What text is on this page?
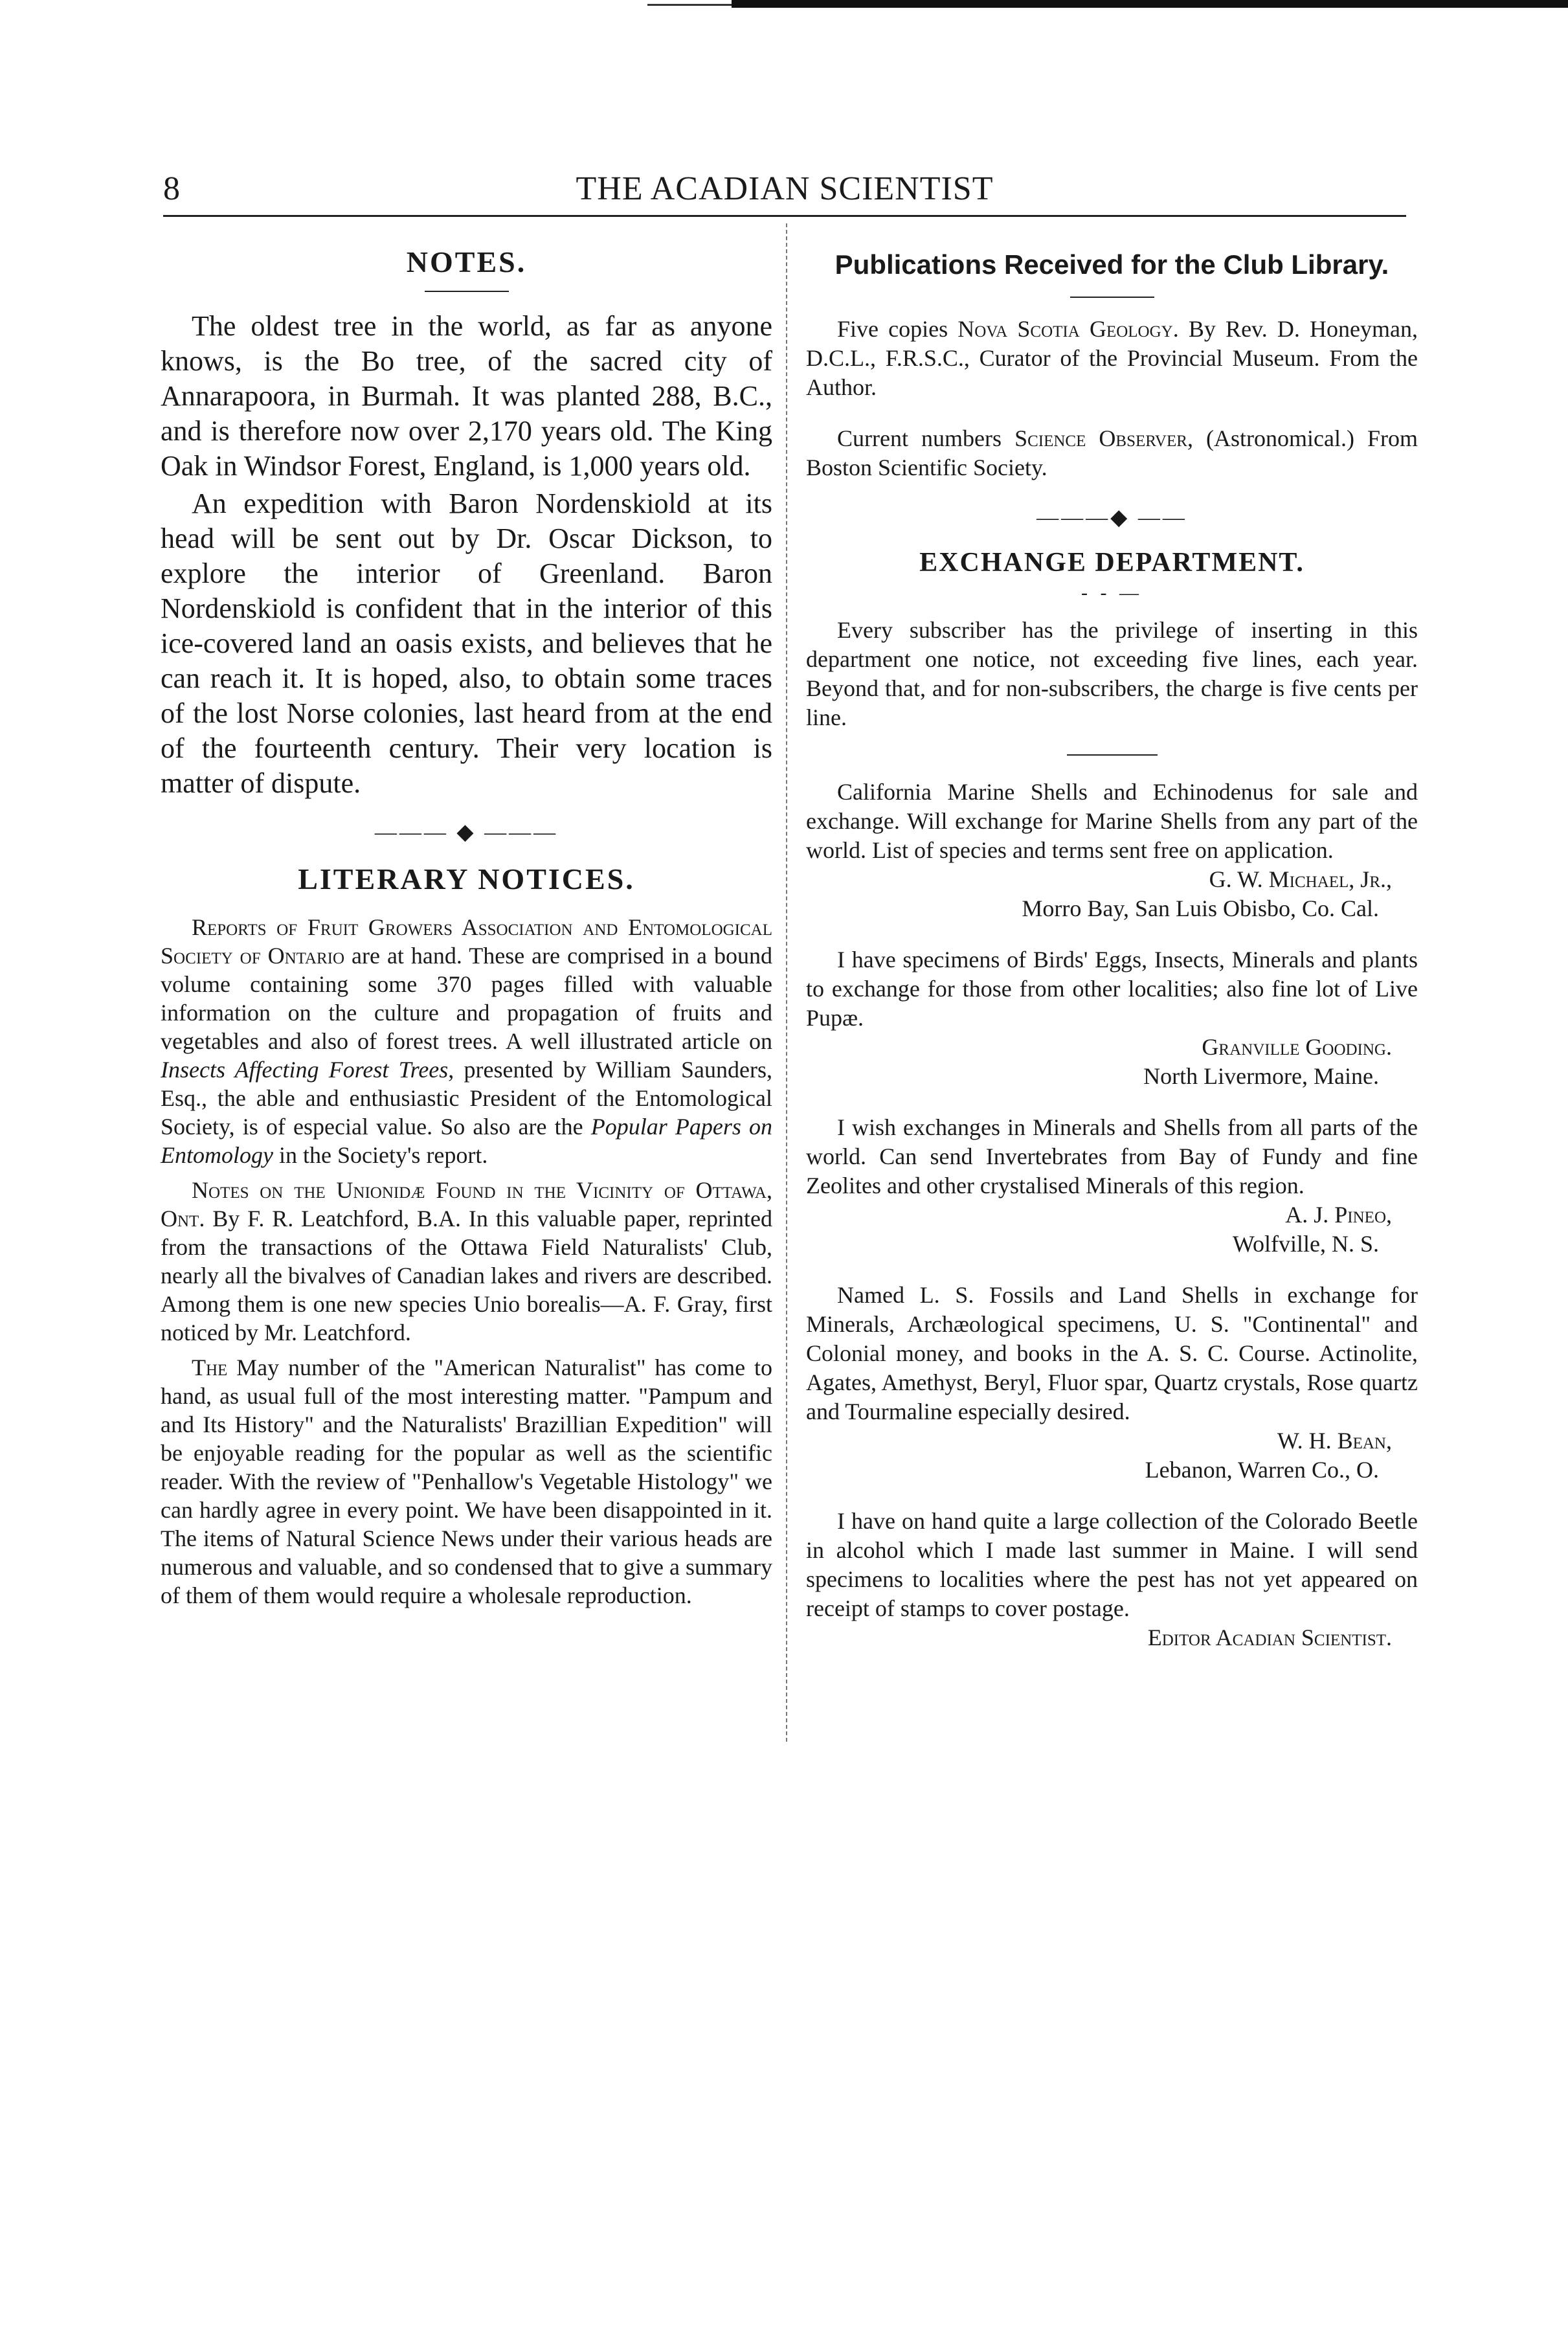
8	THE ACADIAN SCIENTIST
NOTES.

The oldest tree in the world, as far as anyone knows, is the Bo tree, of the sacred city of Annarapoora, in Burmah. It was planted 288, B.C., and is therefore now over 2,170 years old. The King Oak in Windsor Forest, England, is 1,000 years old.

An expedition with Baron Nordenskiold at its head will be sent out by Dr. Oscar Dickson, to explore the interior of Greenland. Baron Nordenskiold is confident that in the interior of this ice-covered land an oasis exists, and believes that he can reach it. It is hoped, also, to obtain some traces of the lost Norse colonies, last heard from at the end of the fourteenth century. Their very location is matter of dispute.

——— ◆ ———
LITERARY NOTICES.

Reports of Fruit Growers Association and Entomological Society of Ontario are at hand. These are comprised in a bound volume containing some 370 pages filled with valuable information on the culture and propagation of fruits and vegetables and also of forest trees. A well illustrated article on Insects Affecting Forest Trees, presented by William Saunders, Esq., the able and enthusiastic President of the Entomological Society, is of especial value. So also are the Popular Papers on Entomology in the Society's report.

Notes on the Unionidæ Found in the Vicinity of Ottawa, Ont. By F. R. Leatchford, B.A. In this valuable paper, reprinted from the transactions of the Ottawa Field Naturalists' Club, nearly all the bivalves of Canadian lakes and rivers are described. Among them is one new species Unio borealis—A. F. Gray, first noticed by Mr. Leatchford.

The May number of the "American Naturalist" has come to hand, as usual full of the most interesting matter. "Pampum and and Its History" and the Naturalists' Brazillian Expedition" will be enjoyable reading for the popular as well as the scientific reader. With the review of "Penhallow's Vegetable Histology" we can hardly agree in every point. We have been disappointed in it. The items of Natural Science News under their various heads are numerous and valuable, and so condensed that to give a summary of them of them would require a wholesale reproduction.

Publications Received for the Club Library.

Five copies Nova Scotia Geology. By Rev. D. Honeyman, D.C.L., F.R.S.C., Curator of the Provincial Museum. From the Author.

Current numbers Science Observer, (Astronomical.) From Boston Scientific Society.

———◆ ——
EXCHANGE DEPARTMENT.
- - —

Every subscriber has the privilege of inserting in this department one notice, not exceeding five lines, each year. Beyond that, and for non-subscribers, the charge is five cents per line.

California Marine Shells and Echinodenus for sale and exchange. Will exchange for Marine Shells from any part of the world. List of species and terms sent free on application.

G. W. Michael, Jr.,

Morro Bay, San Luis Obisbo, Co. Cal.

I have specimens of Birds' Eggs, Insects, Minerals and plants to exchange for those from other localities; also fine lot of Live Pupæ.

Granville Gooding.

North Livermore, Maine.

I wish exchanges in Minerals and Shells from all parts of the world. Can send Invertebrates from Bay of Fundy and fine Zeolites and other crystalised Minerals of this region.

A. J. Pineo,

Wolfville, N. S.

Named L. S. Fossils and Land Shells in exchange for Minerals, Archæological specimens, U. S. "Continental" and Colonial money, and books in the A. S. C. Course. Actinolite, Agates, Amethyst, Beryl, Fluor spar, Quartz crystals, Rose quartz and Tourmaline especially desired.

W. H. Bean,

Lebanon, Warren Co., O.

I have on hand quite a large collection of the Colorado Beetle in alcohol which I made last summer in Maine. I will send specimens to localities where the pest has not yet appeared on receipt of stamps to cover postage.

Editor Acadian Scientist.
